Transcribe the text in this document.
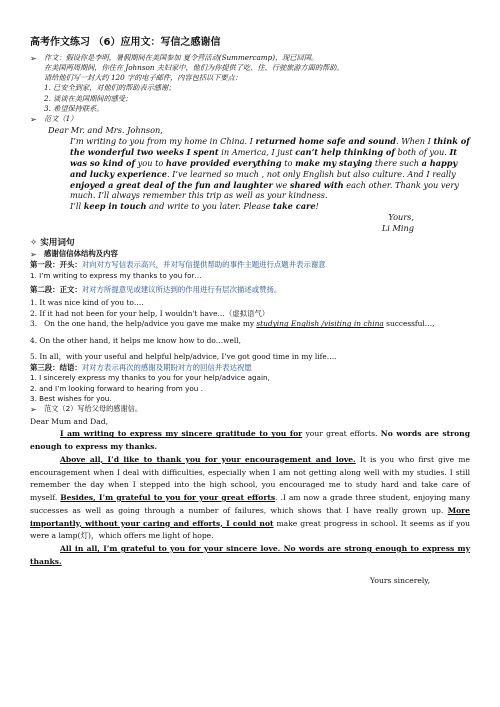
高考作文练习 （6）应用文：写信之感谢信
➢	作文：假设你是李明，暑假期间在美国参加 夏令营活动(Summercamp)，现已回国。
在美国两周期间，你住在 Johnson 夫妇家中，他们为你提供了吃、住、行驶旅游方面的帮助。
请给他们写一封大约 120 字的电子邮件，内容包括以下要点：
1. 已安全到家，对他们的帮助表示感谢；
2. 谈谈在美国期间的感受；
3. 希望保持联系。
➢	范文（1）
Dear Mr. and Mrs. Johnson,
I’m writing to you from my home in China. I returned home safe and sound. When I think of the wonderful two weeks I spent in America, I just can’t help thinking of both of you. It was so kind of you to have provided everything to make my staying there such a happy and lucky experience. I’ve learned so much , not only English but also culture. And I really enjoyed a great deal of the fun and laughter we shared with each other. Thank you very much. I’ll always remember this trip as well as your kindness.
I’ll keep in touch and write to you later. Please take care!
Yours,
Li Ming
✧ 实用词句
➢ 感谢信信体结构及内容
第一段：开头：对向对方写信表示高兴，并对写信提供帮助的事件主题进行点题并表示谢意
1. I’m writing to express my thanks to you for…
第二段：正文：对对方所提意见或建议所达到的作用进行有层次描述或赞扬。
1. It was nice kind of you to….
2. If it had not been for your help, I wouldn't have…（虚拟语气）
3.   On the one hand, the help/advice you gave me make my studying English /visiting in china successful…,
4. On the other hand, it helps me know how to do…well,
5. In all，with your useful and helpful help/advice, I’ve got good time in my life….
第三段：结语：对对方表示再次的感谢及期盼对方的回信并表达祝愿
1. I sincerely express my thanks to you for your help/advice again,
2. and I’m looking forward to hearing from you .
3. Best wishes for you.
➢	范文（2）写给父母的感谢信。
Dear Mum and Dad,
I am writing to express my sincere gratitude to you for your great efforts. No words are strong enough to express my thanks.
Above all, I’d like to thank you for your encouragement and love. It is you who first give me encouragement when I deal with difficulties, especially when I am not getting along well with my studies. I still remember the day when I stepped into the high school, you encouraged me to study hard and take care of myself. Besides, I’m grateful to you for your great efforts. .I am now a grade three student, enjoying many successes as well as going through a number of failures, which shows that I have really grown up. More importantly, without your caring and efforts, I could not make great progress in school. It seems as if you were a lamp(灯)，which offers me light of hope.
All in all, I’m grateful to you for your sincere love. No words are strong enough to express my thanks.
Yours sincerely,
